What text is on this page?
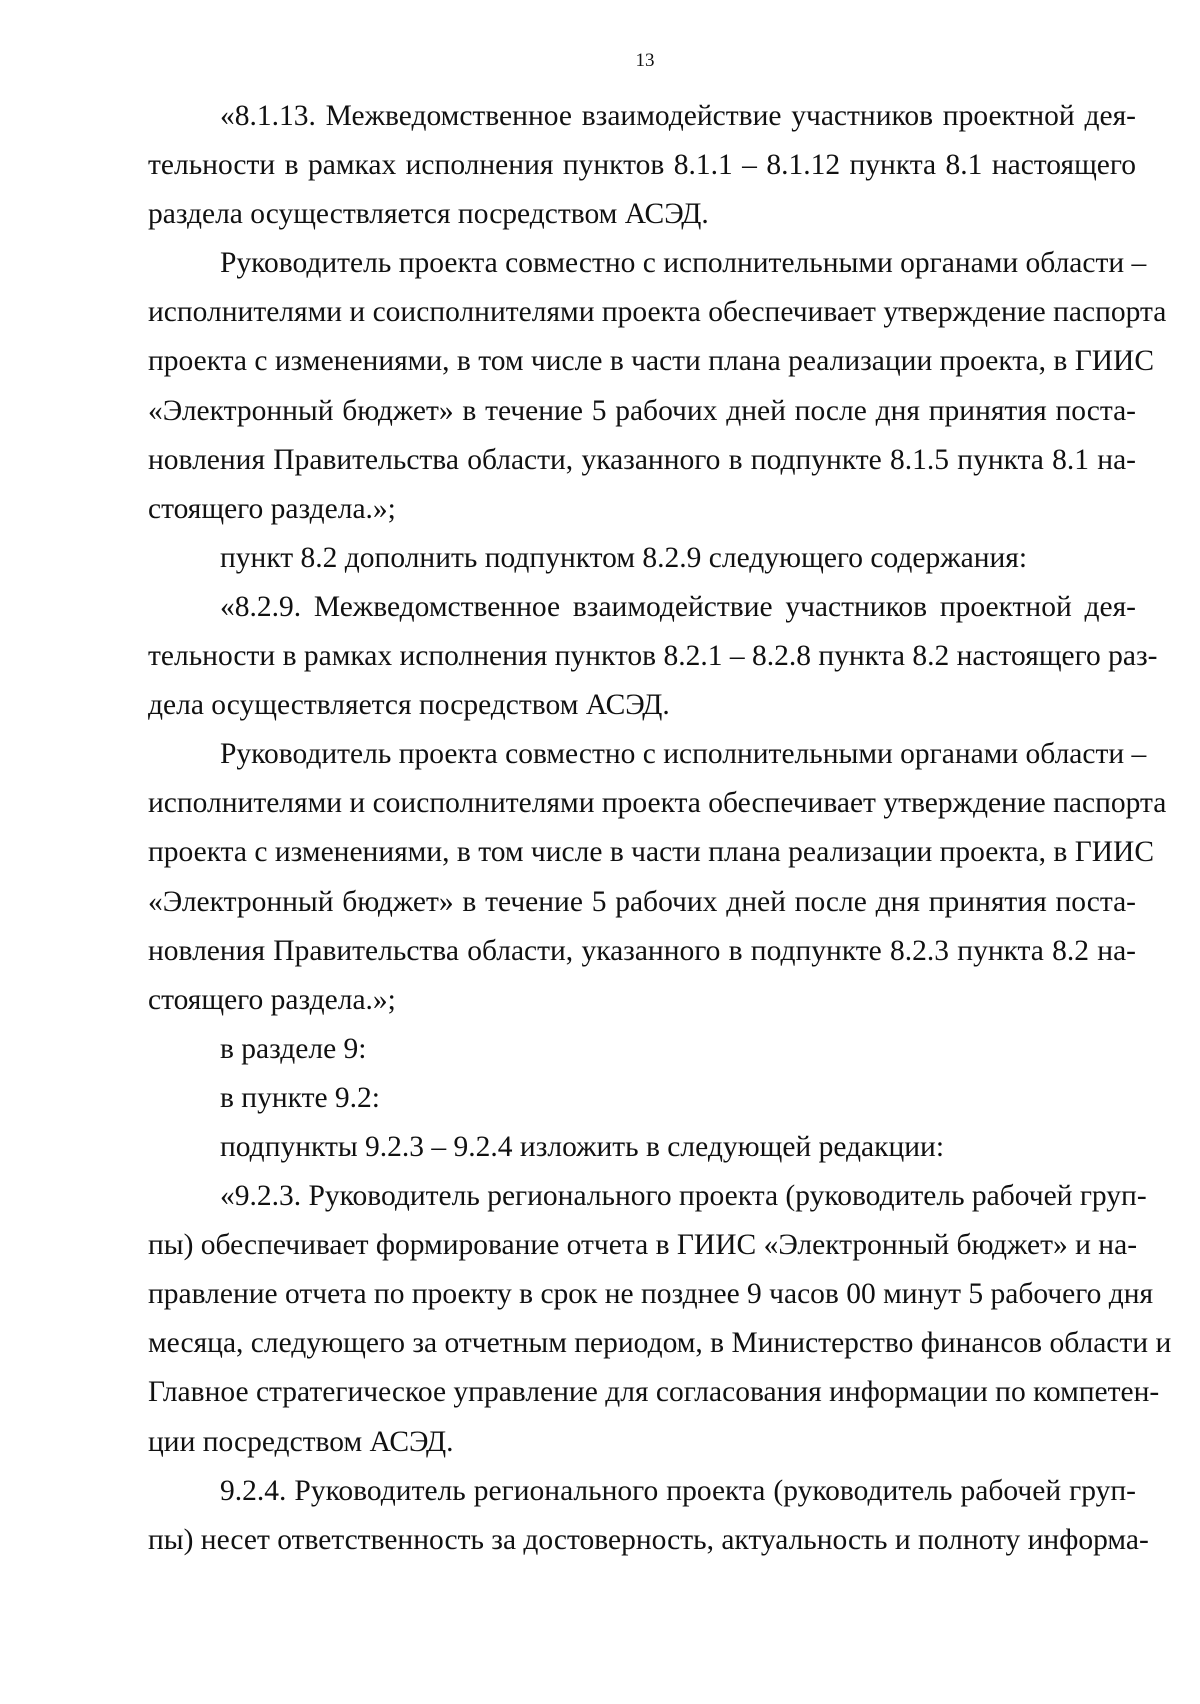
13
«8.1.13. Межведомственное взаимодействие участников проектной дея-
тельности в рамках исполнения пунктов 8.1.1 – 8.1.12 пункта 8.1 настоящего
раздела осуществляется посредством АСЭД.
Руководитель проекта совместно с исполнительными органами области –
исполнителями и соисполнителями проекта обеспечивает утверждение паспорта
проекта с изменениями, в том числе в части плана реализации проекта, в ГИИС
«Электронный бюджет» в течение 5 рабочих дней после дня принятия поста-
новления Правительства области, указанного в подпункте 8.1.5 пункта 8.1 на-
стоящего раздела.»;
пункт 8.2 дополнить подпунктом 8.2.9 следующего содержания:
«8.2.9. Межведомственное взаимодействие участников проектной дея-
тельности в рамках исполнения пунктов 8.2.1 – 8.2.8 пункта 8.2 настоящего раз-
дела осуществляется посредством АСЭД.
Руководитель проекта совместно с исполнительными органами области –
исполнителями и соисполнителями проекта обеспечивает утверждение паспорта
проекта с изменениями, в том числе в части плана реализации проекта, в ГИИС
«Электронный бюджет» в течение 5 рабочих дней после дня принятия поста-
новления Правительства области, указанного в подпункте 8.2.3 пункта 8.2 на-
стоящего раздела.»;
в разделе 9:
в пункте 9.2:
подпункты 9.2.3 – 9.2.4 изложить в следующей редакции:
«9.2.3. Руководитель регионального проекта (руководитель рабочей груп-
пы) обеспечивает формирование отчета в ГИИС «Электронный бюджет» и на-
правление отчета по проекту в срок не позднее 9 часов 00 минут 5 рабочего дня
месяца, следующего за отчетным периодом, в Министерство финансов области и
Главное стратегическое управление для согласования информации по компетен-
ции посредством АСЭД.
9.2.4. Руководитель регионального проекта (руководитель рабочей груп-
пы) несет ответственность за достоверность, актуальность и полноту информа-
